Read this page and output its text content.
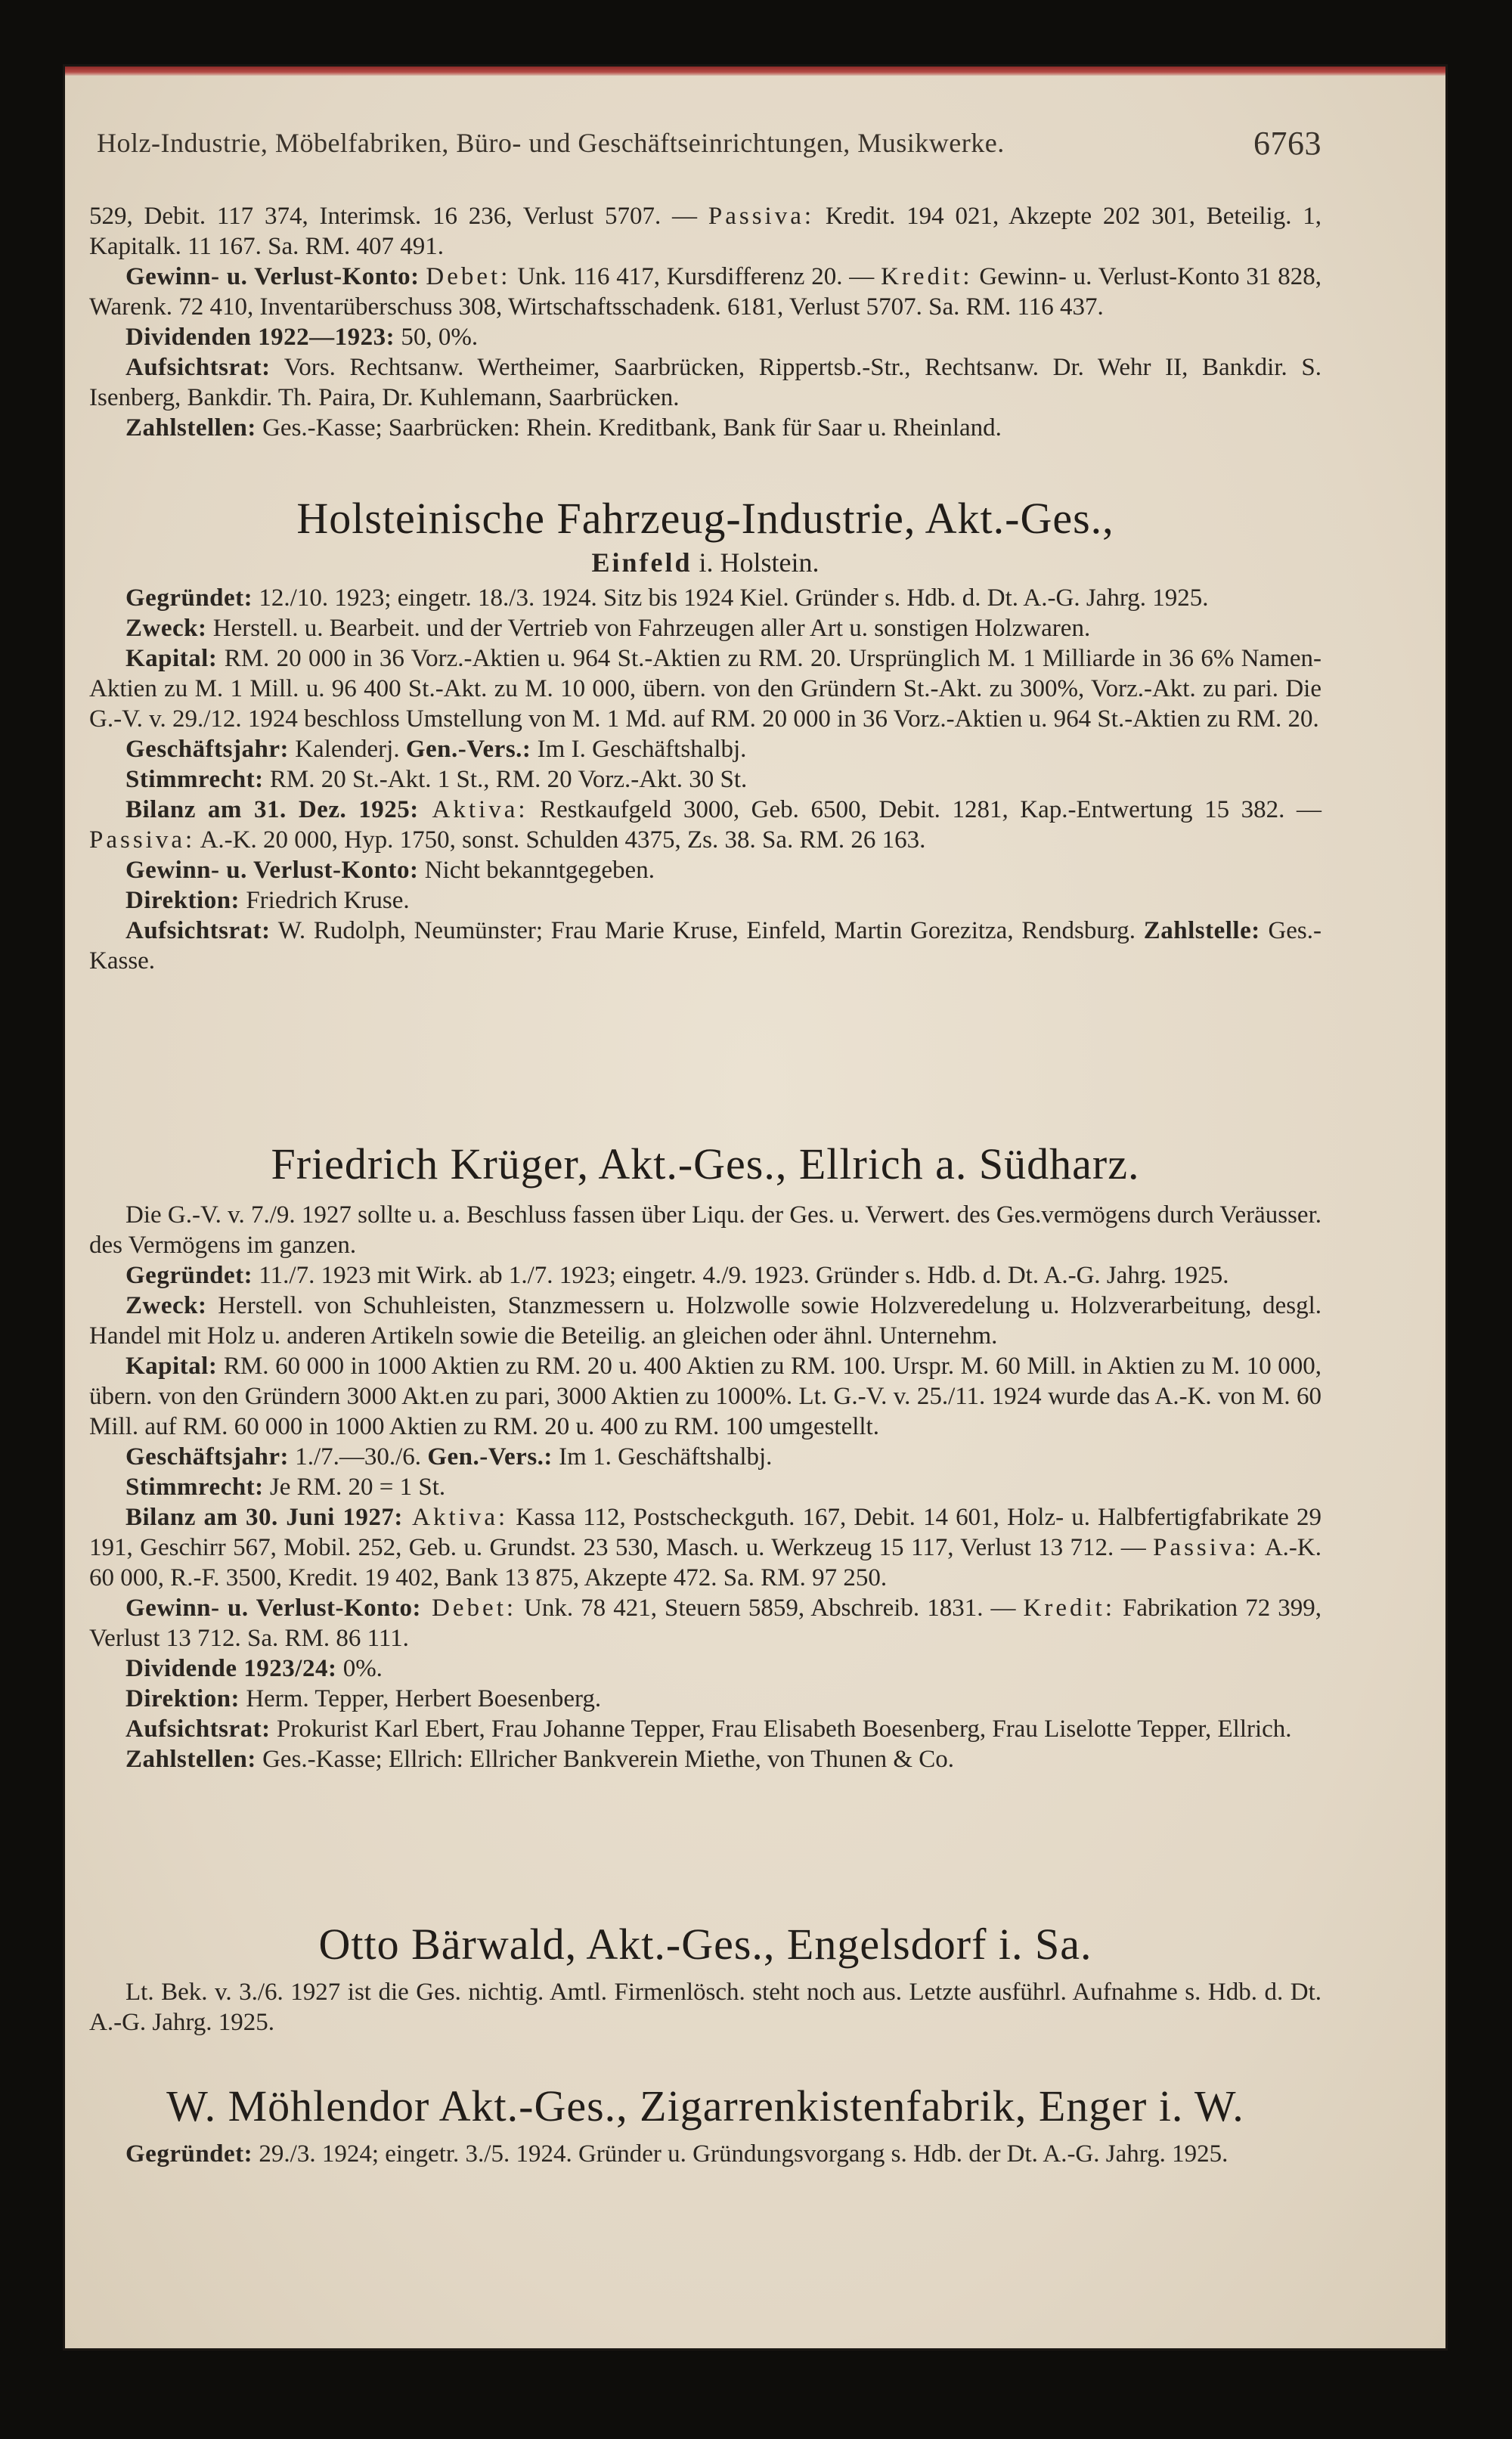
Holz-Industrie, Möbelfabriken, Büro- und Geschäftseinrichtungen, Musikwerke.	6763

529, Debit. 117 374, Interimsk. 16 236, Verlust 5707. — Passiva: Kredit. 194 021, Akzepte 202 301, Beteilig. 1, Kapitalk. 11 167. Sa. RM. 407 491.

Gewinn- u. Verlust-Konto: Debet: Unk. 116 417, Kursdifferenz 20. — Kredit: Gewinn- u. Verlust-Konto 31 828, Warenk. 72 410, Inventarüberschuss 308, Wirtschaftsschadenk. 6181, Verlust 5707. Sa. RM. 116 437.

Dividenden 1922—1923: 50, 0%.

Aufsichtsrat: Vors. Rechtsanw. Wertheimer, Saarbrücken, Rippertsb.-Str., Rechtsanw. Dr. Wehr II, Bankdir. S. Isenberg, Bankdir. Th. Paira, Dr. Kuhlemann, Saarbrücken.

Zahlstellen: Ges.-Kasse; Saarbrücken: Rhein. Kreditbank, Bank für Saar u. Rheinland.

Holsteinische Fahrzeug-Industrie, Akt.-Ges.,
Einfeld i. Holstein.

Gegründet: 12./10. 1923; eingetr. 18./3. 1924. Sitz bis 1924 Kiel. Gründer s. Hdb. d. Dt. A.-G. Jahrg. 1925.

Zweck: Herstell. u. Bearbeit. und der Vertrieb von Fahrzeugen aller Art u. sonstigen Holzwaren.

Kapital: RM. 20 000 in 36 Vorz.-Aktien u. 964 St.-Aktien zu RM. 20. Ursprünglich M. 1 Milliarde in 36 6% Namen-Aktien zu M. 1 Mill. u. 96 400 St.-Akt. zu M. 10 000, übern. von den Gründern St.-Akt. zu 300%, Vorz.-Akt. zu pari. Die G.-V. v. 29./12. 1924 beschloss Umstellung von M. 1 Md. auf RM. 20 000 in 36 Vorz.-Aktien u. 964 St.-Aktien zu RM. 20.

Geschäftsjahr: Kalenderj. Gen.-Vers.: Im I. Geschäftshalbj.

Stimmrecht: RM. 20 St.-Akt. 1 St., RM. 20 Vorz.-Akt. 30 St.

Bilanz am 31. Dez. 1925: Aktiva: Restkaufgeld 3000, Geb. 6500, Debit. 1281, Kap.-Entwertung 15 382. — Passiva: A.-K. 20 000, Hyp. 1750, sonst. Schulden 4375, Zs. 38. Sa. RM. 26 163.

Gewinn- u. Verlust-Konto: Nicht bekanntgegeben.

Direktion: Friedrich Kruse.

Aufsichtsrat: W. Rudolph, Neumünster; Frau Marie Kruse, Einfeld, Martin Gorezitza, Rendsburg. Zahlstelle: Ges.-Kasse.

Friedrich Krüger, Akt.-Ges., Ellrich a. Südharz.

Die G.-V. v. 7./9. 1927 sollte u. a. Beschluss fassen über Liqu. der Ges. u. Verwert. des Ges.vermögens durch Veräusser. des Vermögens im ganzen.

Gegründet: 11./7. 1923 mit Wirk. ab 1./7. 1923; eingetr. 4./9. 1923. Gründer s. Hdb. d. Dt. A.-G. Jahrg. 1925.

Zweck: Herstell. von Schuhleisten, Stanzmessern u. Holzwolle sowie Holzveredelung u. Holzverarbeitung, desgl. Handel mit Holz u. anderen Artikeln sowie die Beteilig. an gleichen oder ähnl. Unternehm.

Kapital: RM. 60 000 in 1000 Aktien zu RM. 20 u. 400 Aktien zu RM. 100. Urspr. M. 60 Mill. in Aktien zu M. 10 000, übern. von den Gründern 3000 Akt.en zu pari, 3000 Aktien zu 1000%. Lt. G.-V. v. 25./11. 1924 wurde das A.-K. von M. 60 Mill. auf RM. 60 000 in 1000 Aktien zu RM. 20 u. 400 zu RM. 100 umgestellt.

Geschäftsjahr: 1./7.—30./6. Gen.-Vers.: Im 1. Geschäftshalbj.

Stimmrecht: Je RM. 20 = 1 St.

Bilanz am 30. Juni 1927: Aktiva: Kassa 112, Postscheckguth. 167, Debit. 14 601, Holz- u. Halbfertigfabrikate 29 191, Geschirr 567, Mobil. 252, Geb. u. Grundst. 23 530, Masch. u. Werkzeug 15 117, Verlust 13 712. — Passiva: A.-K. 60 000, R.-F. 3500, Kredit. 19 402, Bank 13 875, Akzepte 472. Sa. RM. 97 250.

Gewinn- u. Verlust-Konto: Debet: Unk. 78 421, Steuern 5859, Abschreib. 1831. — Kredit: Fabrikation 72 399, Verlust 13 712. Sa. RM. 86 111.

Dividende 1923/24: 0%.

Direktion: Herm. Tepper, Herbert Boesenberg.

Aufsichtsrat: Prokurist Karl Ebert, Frau Johanne Tepper, Frau Elisabeth Boesenberg, Frau Liselotte Tepper, Ellrich.

Zahlstellen: Ges.-Kasse; Ellrich: Ellricher Bankverein Miethe, von Thunen & Co.

Otto Bärwald, Akt.-Ges., Engelsdorf i. Sa.

Lt. Bek. v. 3./6. 1927 ist die Ges. nichtig. Amtl. Firmenlösch. steht noch aus. Letzte ausführl. Aufnahme s. Hdb. d. Dt. A.-G. Jahrg. 1925.

W. Möhlendor Akt.-Ges., Zigarrenkistenfabrik, Enger i. W.

Gegründet: 29./3. 1924; eingetr. 3./5. 1924. Gründer u. Gründungsvorgang s. Hdb. der Dt. A.-G. Jahrg. 1925.
